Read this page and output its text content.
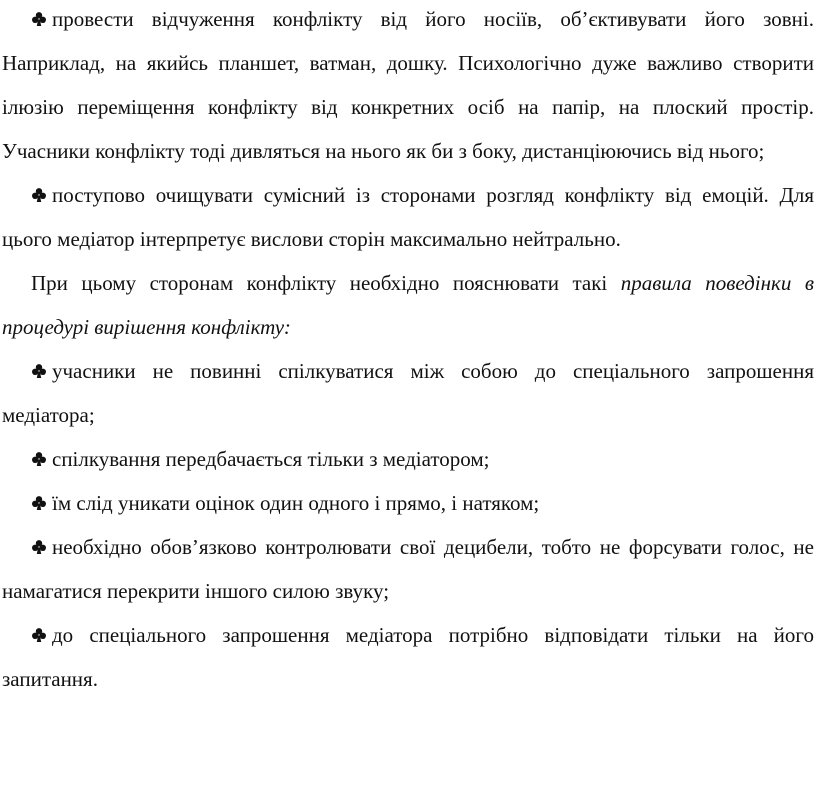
провести відчуження конфлікту від його носіїв, об’єктивувати його зовні. Наприклад, на якийсь планшет, ватман, дошку. Психологічно дуже важливо створити ілюзію переміщення конфлікту від конкретних осіб на папір, на плоский простір. Учасники конфлікту тоді дивляться на нього як би з боку, дистанціюючись від нього;

поступово очищувати сумісний із сторонами розгляд конфлікту від емоцій. Для цього медіатор інтерпретує вислови сторін максимально нейтрально.

При цьому сторонам конфлікту необхідно пояснювати такі правила поведінки в процедурі вирішення конфлікту:

учасники не повинні спілкуватися між собою до спеціального запрошення медіатора;

спілкування передбачається тільки з медіатором;

їм слід уникати оцінок один одного і прямо, і натяком;

необхідно обов’язково контролювати свої децибели, тобто не форсувати голос, не намагатися перекрити іншого силою звуку;

до спеціального запрошення медіатора потрібно відповідати тільки на його запитання.
